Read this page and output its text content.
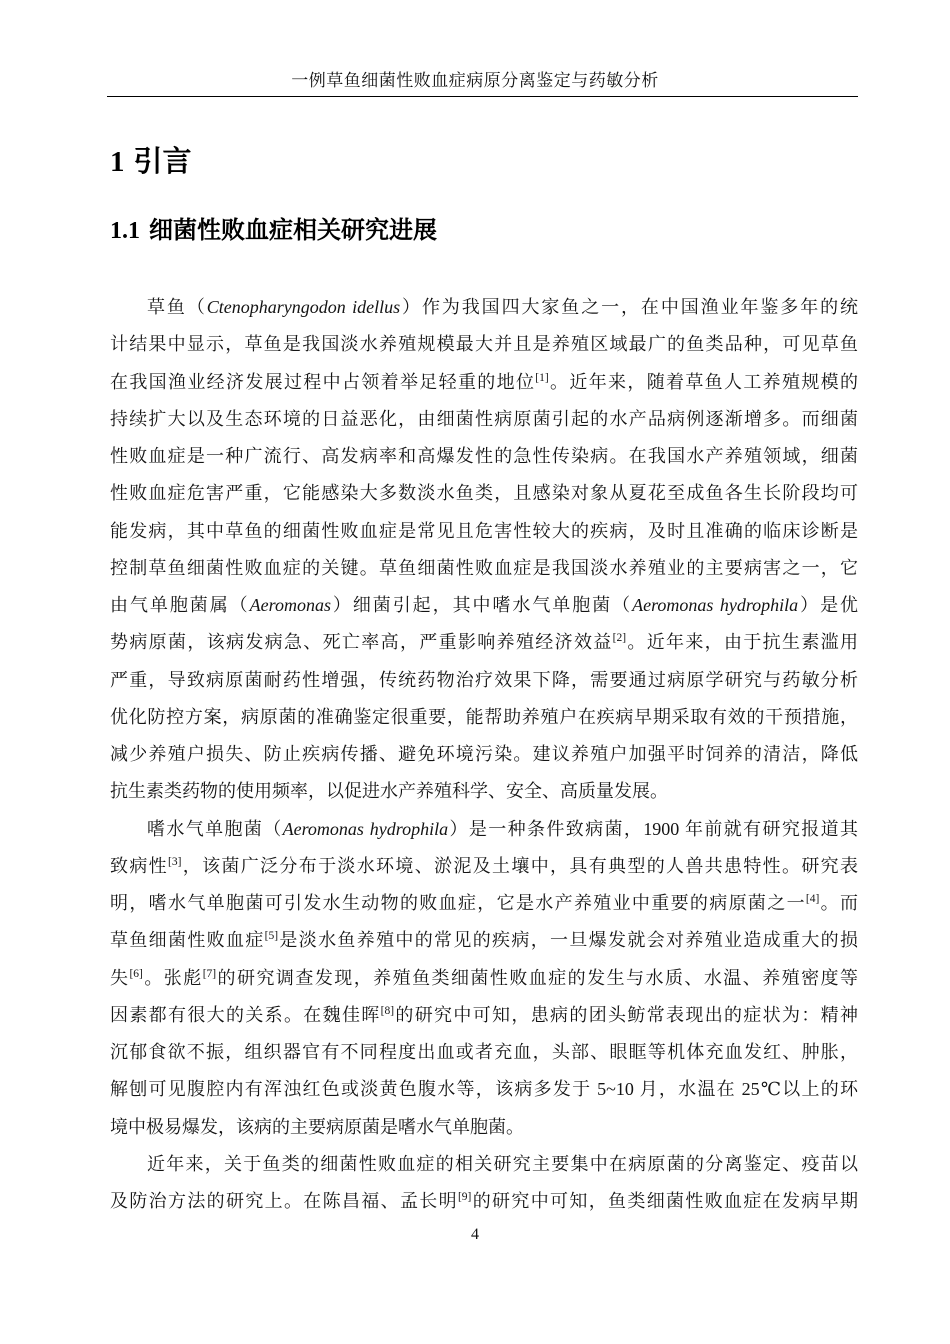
一例草鱼细菌性败血症病原分离鉴定与药敏分析
1 引言
1.1 细菌性败血症相关研究进展
草鱼（Ctenopharyngodon idellus）作为我国四大家鱼之一，在中国渔业年鉴多年的统
计结果中显示，草鱼是我国淡水养殖规模最大并且是养殖区域最广的鱼类品种，可见草鱼
在我国渔业经济发展过程中占领着举足轻重的地位[1]。近年来，随着草鱼人工养殖规模的
持续扩大以及生态环境的日益恶化，由细菌性病原菌引起的水产品病例逐渐增多。而细菌
性败血症是一种广流行、高发病率和高爆发性的急性传染病。在我国水产养殖领域，细菌
性败血症危害严重，它能感染大多数淡水鱼类，且感染对象从夏花至成鱼各生长阶段均可
能发病，其中草鱼的细菌性败血症是常见且危害性较大的疾病，及时且准确的临床诊断是
控制草鱼细菌性败血症的关键。草鱼细菌性败血症是我国淡水养殖业的主要病害之一，它
由气单胞菌属（Aeromonas）细菌引起，其中嗜水气单胞菌（Aeromonas hydrophila）是优
势病原菌，该病发病急、死亡率高，严重影响养殖经济效益[2]。近年来，由于抗生素滥用
严重，导致病原菌耐药性增强，传统药物治疗效果下降，需要通过病原学研究与药敏分析
优化防控方案，病原菌的准确鉴定很重要，能帮助养殖户在疾病早期采取有效的干预措施，
减少养殖户损失、防止疾病传播、避免环境污染。建议养殖户加强平时饲养的清洁，降低
抗生素类药物的使用频率，以促进水产养殖科学、安全、高质量发展。
嗜水气单胞菌（Aeromonas hydrophila）是一种条件致病菌，1900 年前就有研究报道其
致病性[3]，该菌广泛分布于淡水环境、淤泥及土壤中，具有典型的人兽共患特性。研究表
明，嗜水气单胞菌可引发水生动物的败血症，它是水产养殖业中重要的病原菌之一[4]。而
草鱼细菌性败血症[5]是淡水鱼养殖中的常见的疾病，一旦爆发就会对养殖业造成重大的损
失[6]。张彪[7]的研究调查发现，养殖鱼类细菌性败血症的发生与水质、水温、养殖密度等
因素都有很大的关系。在魏佳晖[8]的研究中可知，患病的团头鲂常表现出的症状为：精神
沉郁食欲不振，组织器官有不同程度出血或者充血，头部、眼眶等机体充血发红、肿胀，
解刨可见腹腔内有浑浊红色或淡黄色腹水等，该病多发于 5~10 月，水温在 25℃以上的环
境中极易爆发，该病的主要病原菌是嗜水气单胞菌。
近年来，关于鱼类的细菌性败血症的相关研究主要集中在病原菌的分离鉴定、疫苗以
及防治方法的研究上。在陈昌福、孟长明[9]的研究中可知，鱼类细菌性败血症在发病早期
4
